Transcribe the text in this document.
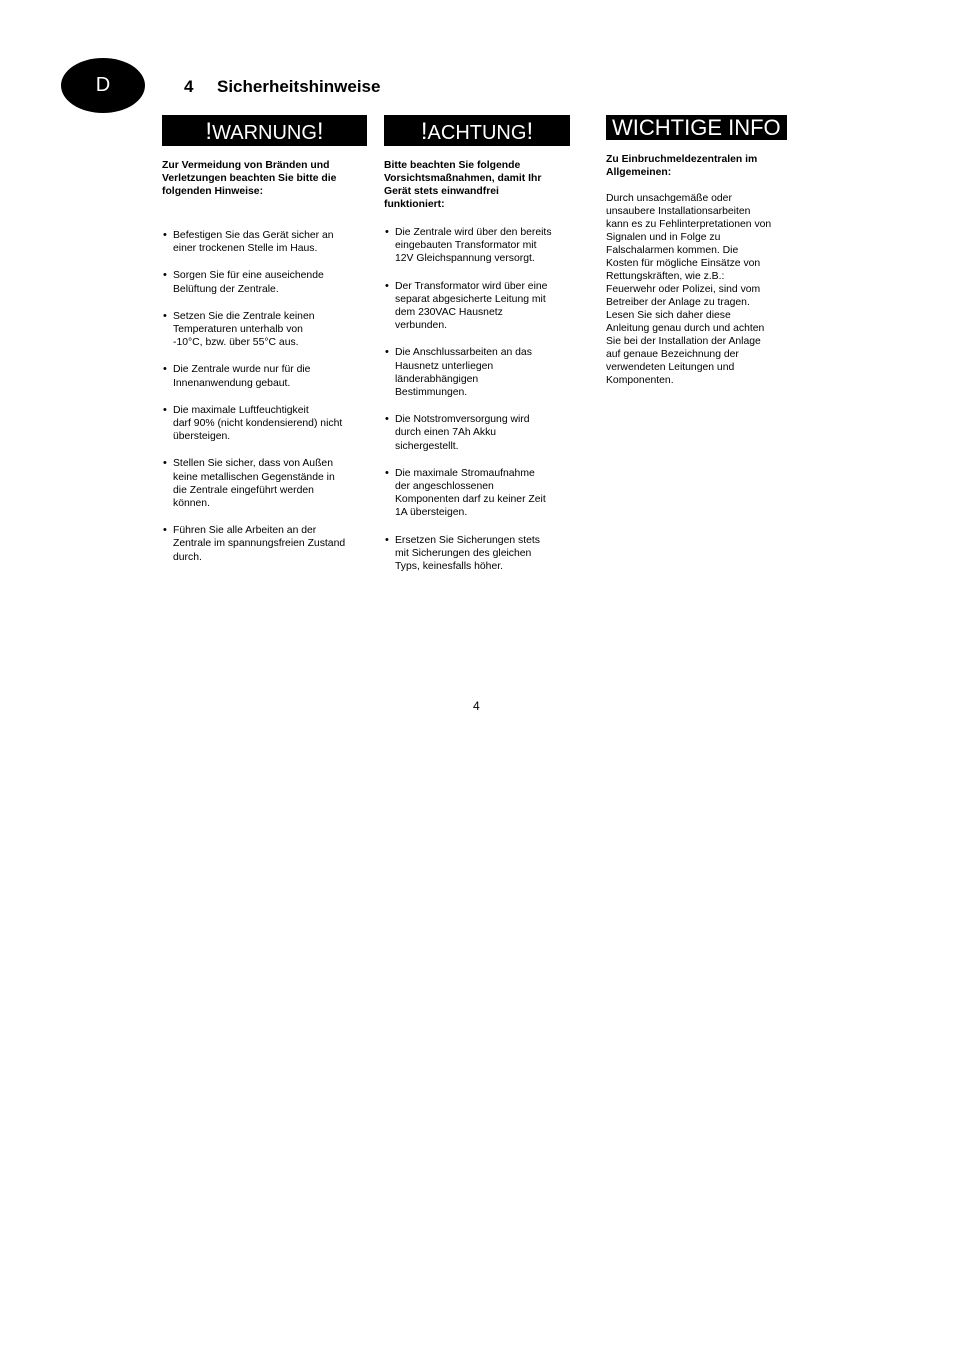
D	4 Sicherheitshinweise
!WARNUNG!

Zur Vermeidung von Bränden und
Verletzungen beachten Sie bitte die
folgenden Hinweise:

• Befestigen Sie das Gerät sicher an
einer trockenen Stelle im Haus.
• Sorgen Sie für eine auseichende
Belüftung der Zentrale.
• Setzen Sie die Zentrale keinen
Temperaturen unterhalb von
-10°C, bzw. über 55°C aus.
• Die Zentrale wurde nur für die
Innenanwendung gebaut.
• Die maximale Luftfeuchtigkeit
darf 90% (nicht kondensierend) nicht
übersteigen.
• Stellen Sie sicher, dass von Außen
keine metallischen Gegenstände in
die Zentrale eingeführt werden
können.
• Führen Sie alle Arbeiten an der
Zentrale im spannungsfreien Zustand
durch.
!ACHTUNG!

Bitte beachten Sie folgende
Vorsichtsmaßnahmen, damit Ihr
Gerät stets einwandfrei
funktioniert:

• Die Zentrale wird über den bereits
eingebauten Transformator mit
12V Gleichspannung versorgt.
• Der Transformator wird über eine
separat abgesicherte Leitung mit
dem 230VAC Hausnetz
verbunden.
• Die Anschlussarbeiten an das
Hausnetz unterliegen
länderabhängigen
Bestimmungen.
• Die Notstromversorgung wird
durch einen 7Ah Akku
sichergestellt.
• Die maximale Stromaufnahme
der angeschlossenen
Komponenten darf zu keiner Zeit
1A übersteigen.
• Ersetzen Sie Sicherungen stets
mit Sicherungen des gleichen
Typs, keinesfalls höher.
WICHTIGE INFO

Zu Einbruchmeldezentralen im
Allgemeinen:

Durch unsachgemäße oder
unsaubere Installationsarbeiten
kann es zu Fehlinterpretationen von
Signalen und in Folge zu
Falschalarmen kommen. Die
Kosten für mögliche Einsätze von
Rettungskräften, wie z.B.:
Feuerwehr oder Polizei, sind vom
Betreiber der Anlage zu tragen.
Lesen Sie sich daher diese
Anleitung genau durch und achten
Sie bei der Installation der Anlage
auf genaue Bezeichnung der
verwendeten Leitungen und
Komponenten.

4
